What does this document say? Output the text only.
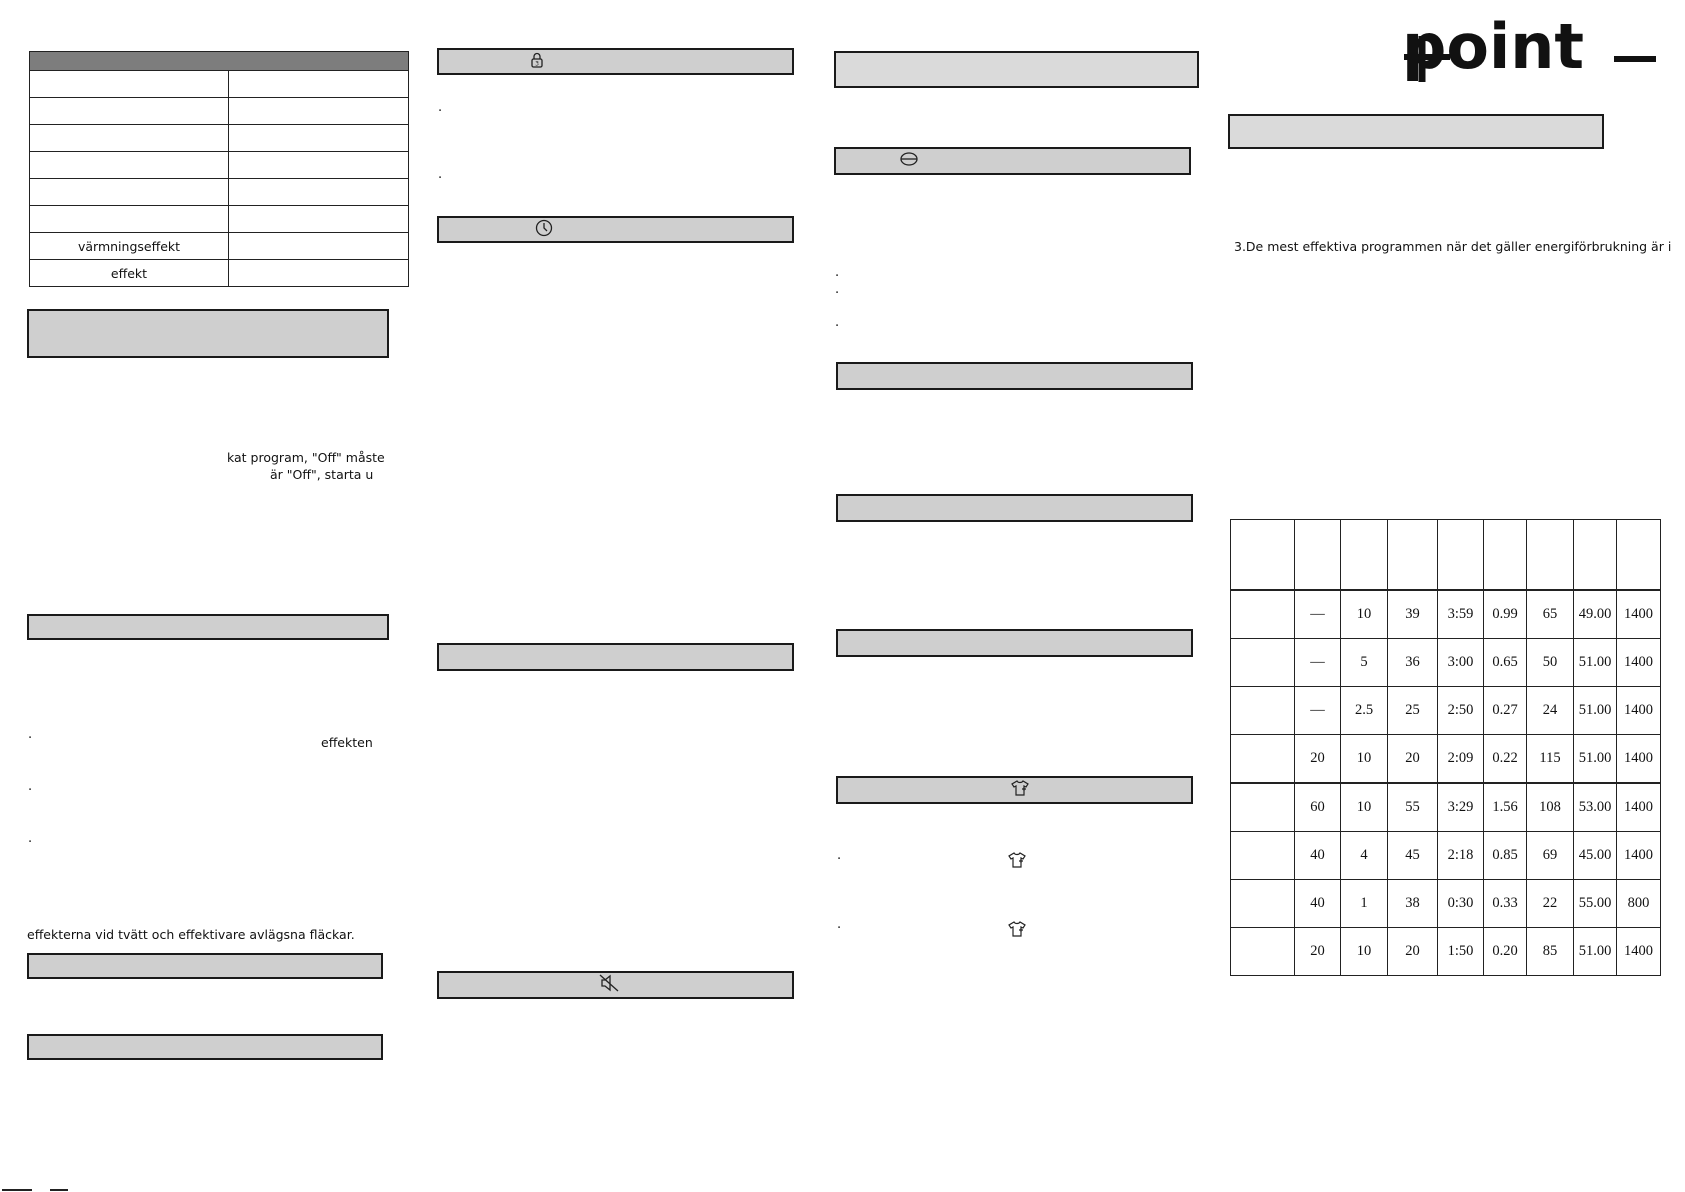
point

värmningseffekt	
effekt	
kat program, "Off" måste
är "Off", starta u
·	effekten
·
·
effekterna vid tvätt och effektivare avlägsna fläckar.
3
·
·
·
·
·
·
·
3.De mest effektiva programmen när det gäller energiförbrukning är i

	—	10	39	3:59	0.99	65	49.00	1400
	—	5	36	3:00	0.65	50	51.00	1400
	—	2.5	25	2:50	0.27	24	51.00	1400
	20	10	20	2:09	0.22	115	51.00	1400
	60	10	55	3:29	1.56	108	53.00	1400
	40	4	45	2:18	0.85	69	45.00	1400
	40	1	38	0:30	0.33	22	55.00	800
	20	10	20	1:50	0.20	85	51.00	1400
